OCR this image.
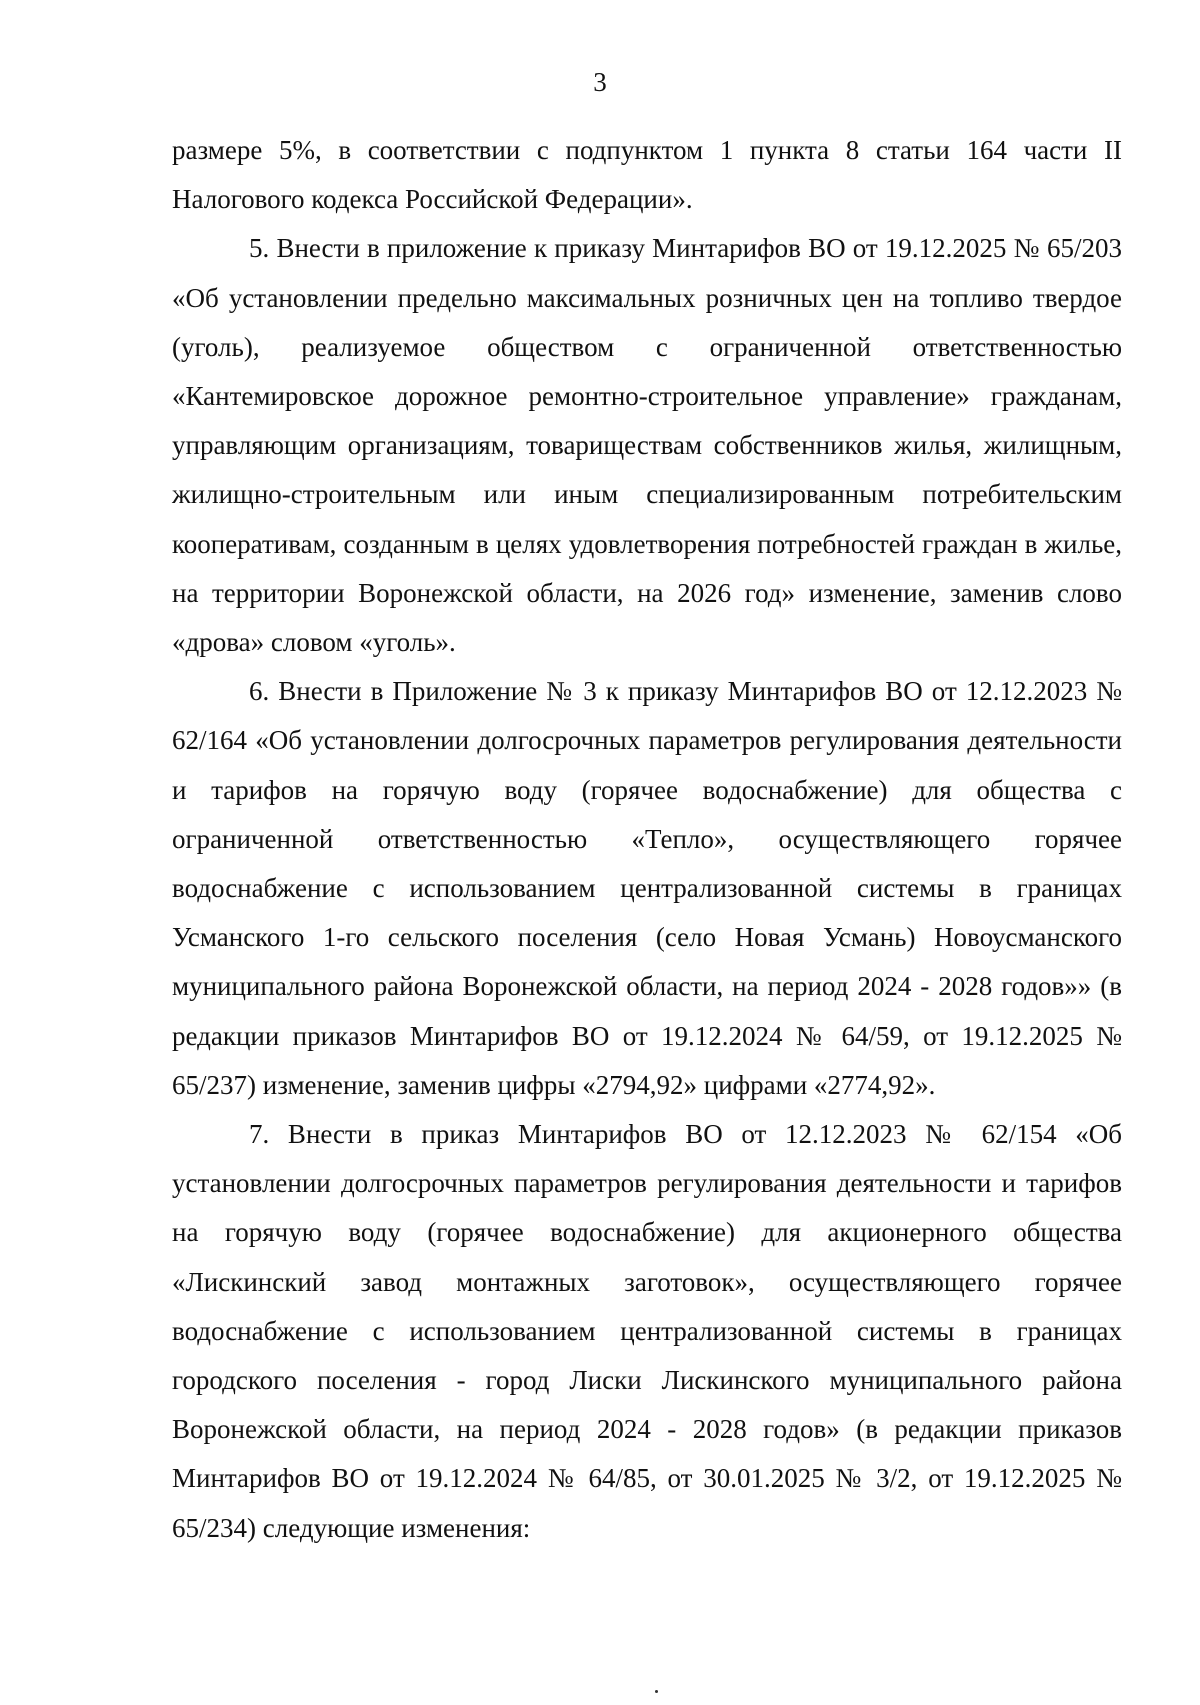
3

размере 5%, в соответствии с подпунктом 1 пункта 8 статьи 164 части II Налогового кодекса Российской Федерации».

5. Внести в приложение к приказу Минтарифов ВО от 19.12.2025 № 65/203 «Об установлении предельно максимальных розничных цен на топливо твердое (уголь), реализуемое обществом с ограниченной ответственностью «Кантемировское дорожное ремонтно-строительное управление» гражданам, управляющим организациям, товариществам собственников жилья, жилищным, жилищно-строительным или иным специализированным потребительским кооперативам, созданным в целях удовлетворения потребностей граждан в жилье, на территории Воронежской области, на 2026 год» изменение, заменив слово «дрова» словом «уголь».

6. Внести в Приложение № 3 к приказу Минтарифов ВО от 12.12.2023 № 62/164 «Об установлении долгосрочных параметров регулирования деятельности и тарифов на горячую воду (горячее водоснабжение) для общества с ограниченной ответственностью «Тепло», осуществляющего горячее водоснабжение с использованием централизованной системы в границах Усманского 1-го сельского поселения (село Новая Усмань) Новоусманского муниципального района Воронежской области, на период 2024 - 2028 годов»» (в редакции приказов Минтарифов ВО от 19.12.2024 № 64/59, от 19.12.2025 № 65/237) изменение, заменив цифры «2794,92» цифрами «2774,92».

7. Внести в приказ Минтарифов ВО от 12.12.2023 № 62/154 «Об установлении долгосрочных параметров регулирования деятельности и тарифов на горячую воду (горячее водоснабжение) для акционерного общества «Лискинский завод монтажных заготовок», осуществляющего горячее водоснабжение с использованием централизованной системы в границах городского поселения - город Лиски Лискинского муниципального района Воронежской области, на период 2024 - 2028 годов» (в редакции приказов Минтарифов ВО от 19.12.2024 № 64/85, от 30.01.2025 № 3/2, от 19.12.2025 № 65/234) следующие изменения:
